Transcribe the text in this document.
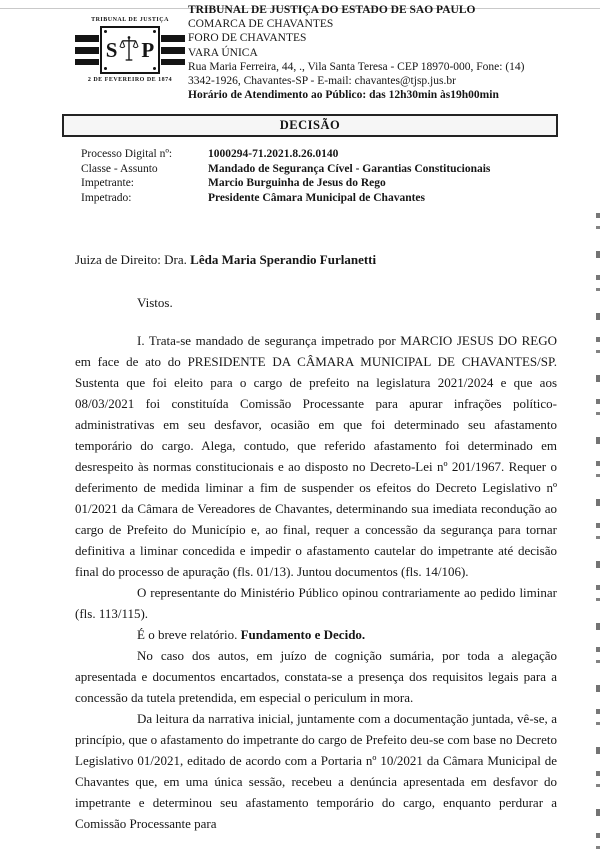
TRIBUNAL DE JUSTIÇA
S P
2 DE FEVEREIRO DE 1874
TRIBUNAL DE JUSTIÇA DO ESTADO DE SAO PAULO
COMARCA DE CHAVANTES
FORO DE CHAVANTES
VARA ÚNICA
Rua Maria Ferreira, 44, ., Vila Santa Teresa - CEP 18970-000, Fone: (14)
3342-1926, Chavantes-SP - E-mail: chavantes@tjsp.jus.br
Horário de Atendimento ao Público: das 12h30min às19h00min
DECISÃO
Processo Digital nº:	1000294-71.2021.8.26.0140
Classe - Assunto	Mandado de Segurança Cível - Garantias Constitucionais
Impetrante:	Marcio Burguinha de Jesus do Rego
Impetrado:	Presidente Câmara Municipal de Chavantes
Juiza de Direito: Dra. Lêda Maria Sperandio Furlanetti
Vistos.

I. Trata-se mandado de segurança impetrado por MARCIO JESUS DO REGO em face de ato do PRESIDENTE DA CÂMARA MUNICIPAL DE CHAVANTES/SP. Sustenta que foi eleito para o cargo de prefeito na legislatura 2021/2024 e que aos 08/03/2021 foi constituída Comissão Processante para apurar infrações político-administrativas em seu desfavor, ocasião em que foi determinado seu afastamento temporário do cargo. Alega, contudo, que referido afastamento foi determinado em desrespeito às normas constitucionais e ao disposto no Decreto-Lei nº 201/1967. Requer o deferimento de medida liminar a fim de suspender os efeitos do Decreto Legislativo nº 01/2021 da Câmara de Vereadores de Chavantes, determinando sua imediata recondução ao cargo de Prefeito do Município e, ao final, requer a concessão da segurança para tornar definitiva a liminar concedida e impedir o afastamento cautelar do impetrante até decisão final do processo de apuração (fls. 01/13). Juntou documentos (fls. 14/106).

O representante do Ministério Público opinou contrariamente ao pedido liminar (fls. 113/115).

É o breve relatório. Fundamento e Decido.

No caso dos autos, em juízo de cognição sumária, por toda a alegação apresentada e documentos encartados, constata-se a presença dos requisitos legais para a concessão da tutela pretendida, em especial o periculum in mora.

Da leitura da narrativa inicial, juntamente com a documentação juntada, vê-se, a princípio, que o afastamento do impetrante do cargo de Prefeito deu-se com base no Decreto Legislativo 01/2021, editado de acordo com a Portaria nº 10/2021 da Câmara Municipal de Chavantes que, em uma única sessão, recebeu a denúncia apresentada em desfavor do impetrante e determinou seu afastamento temporário do cargo, enquanto perdurar a Comissão Processante para
